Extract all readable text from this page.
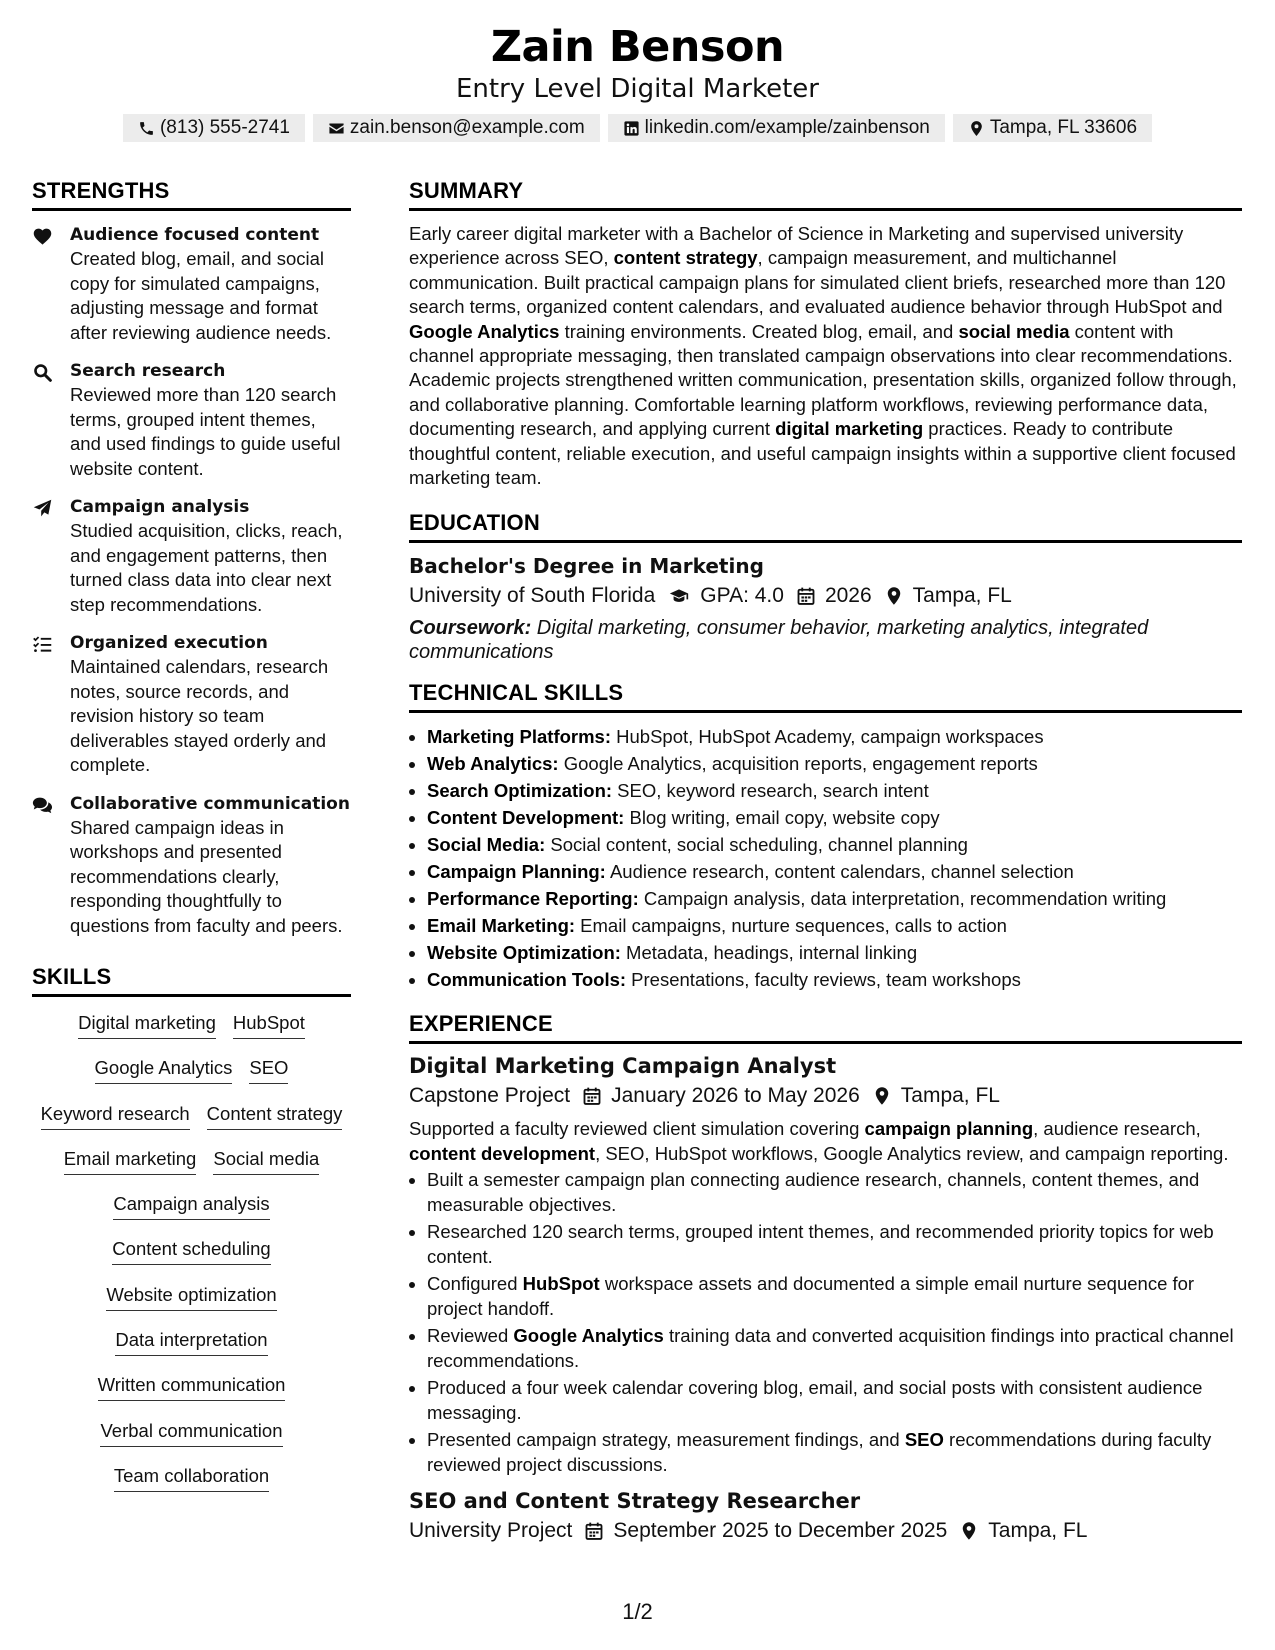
Zain Benson
Entry Level Digital Marketer
(813) 555-2741	zain.benson@example.com	linkedin.com/example/zainbenson	Tampa, FL 33606
STRENGTHS
Audience focused content
Created blog, email, and social copy for simulated campaigns, adjusting message and format after reviewing audience needs.
Search research
Reviewed more than 120 search terms, grouped intent themes, and used findings to guide useful website content.
Campaign analysis
Studied acquisition, clicks, reach, and engagement patterns, then turned class data into clear next step recommendations.
Organized execution
Maintained calendars, research notes, source records, and revision history so team deliverables stayed orderly and complete.
Collaborative communication
Shared campaign ideas in workshops and presented recommendations clearly, responding thoughtfully to questions from faculty and peers.
SKILLS
Digital marketing HubSpot
Google Analytics SEO
Keyword research Content strategy
Email marketing Social media
Campaign analysis
Content scheduling
Website optimization
Data interpretation
Written communication
Verbal communication
Team collaboration
SUMMARY
Early career digital marketer with a Bachelor of Science in Marketing and supervised university experience across SEO, content strategy, campaign measurement, and multichannel communication. Built practical campaign plans for simulated client briefs, researched more than 120 search terms, organized content calendars, and evaluated audience behavior through HubSpot and Google Analytics training environments. Created blog, email, and social media content with channel appropriate messaging, then translated campaign observations into clear recommendations. Academic projects strengthened written communication, presentation skills, organized follow through, and collaborative planning. Comfortable learning platform workflows, reviewing performance data, documenting research, and applying current digital marketing practices. Ready to contribute thoughtful content, reliable execution, and useful campaign insights within a supportive client focused marketing team.
EDUCATION
Bachelor's Degree in Marketing
University of South Florida GPA: 4.0 2026 Tampa, FL
Coursework: Digital marketing, consumer behavior, marketing analytics, integrated communications
TECHNICAL SKILLS
• Marketing Platforms: HubSpot, HubSpot Academy, campaign workspaces
• Web Analytics: Google Analytics, acquisition reports, engagement reports
• Search Optimization: SEO, keyword research, search intent
• Content Development: Blog writing, email copy, website copy
• Social Media: Social content, social scheduling, channel planning
• Campaign Planning: Audience research, content calendars, channel selection
• Performance Reporting: Campaign analysis, data interpretation, recommendation writing
• Email Marketing: Email campaigns, nurture sequences, calls to action
• Website Optimization: Metadata, headings, internal linking
• Communication Tools: Presentations, faculty reviews, team workshops
EXPERIENCE
Digital Marketing Campaign Analyst
Capstone Project January 2026 to May 2026 Tampa, FL
Supported a faculty reviewed client simulation covering campaign planning, audience research, content development, SEO, HubSpot workflows, Google Analytics review, and campaign reporting.
• Built a semester campaign plan connecting audience research, channels, content themes, and measurable objectives.
• Researched 120 search terms, grouped intent themes, and recommended priority topics for web content.
• Configured HubSpot workspace assets and documented a simple email nurture sequence for project handoff.
• Reviewed Google Analytics training data and converted acquisition findings into practical channel recommendations.
• Produced a four week calendar covering blog, email, and social posts with consistent audience messaging.
• Presented campaign strategy, measurement findings, and SEO recommendations during faculty reviewed project discussions.
SEO and Content Strategy Researcher
University Project September 2025 to December 2025 Tampa, FL
1/2
